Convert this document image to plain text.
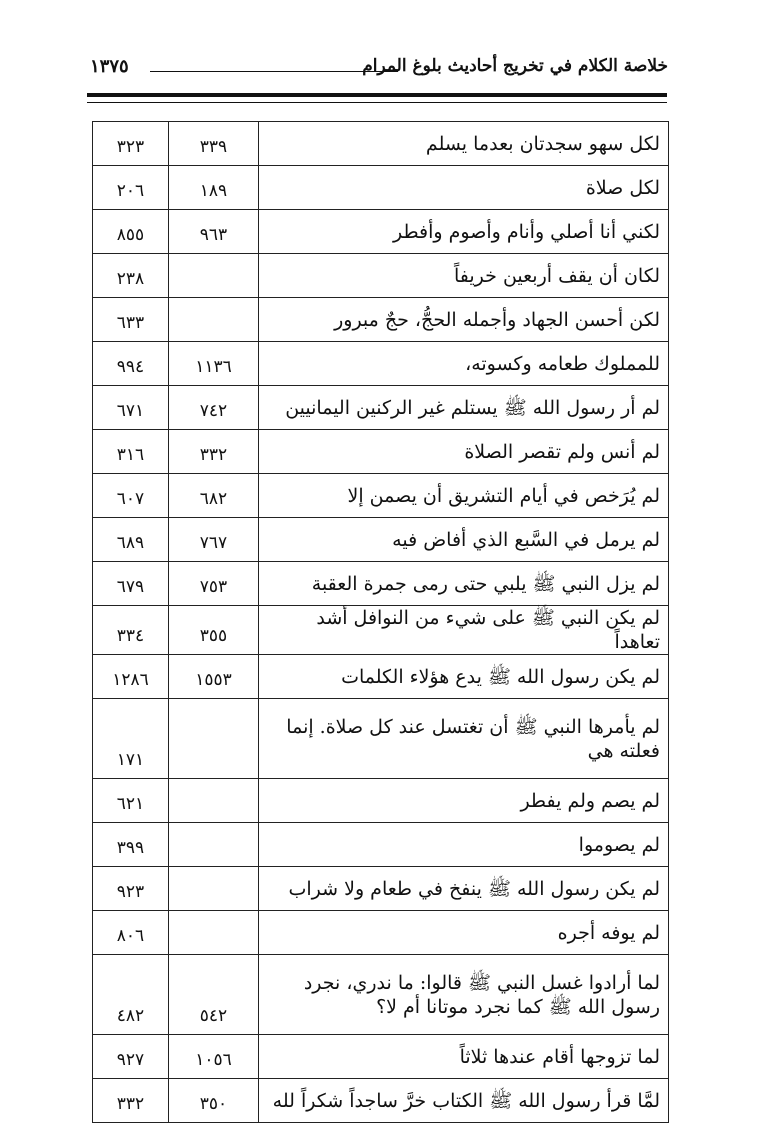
خلاصة الكلام في تخريج أحاديث بلوغ المرام
١٣٧٥
لكل سهو سجدتان بعدما يسلم	٣٣٩	٣٢٣
لكل صلاة	١٨٩	٢٠٦
لكني أنا أصلي وأنام وأصوم وأفطر	٩٦٣	٨٥٥
لكان أن يقف أربعين خريفاً		٢٣٨
لكن أحسن الجهاد وأجمله الحجُّ، حجٌ مبرور		٦٣٣
للمملوك طعامه وكسوته،	١١٣٦	٩٩٤
لم أر رسول الله ﷺ يستلم غير الركنين اليمانيين	٧٤٢	٦٧١
لم أنس ولم تقصر الصلاة	٣٣٢	٣١٦
لم يُرَخص في أيام التشريق أن يصمن إلا	٦٨٢	٦٠٧
لم يرمل في السَّبع الذي أفاض فيه	٧٦٧	٦٨٩
لم يزل النبي ﷺ يلبي حتى رمى جمرة العقبة	٧٥٣	٦٧٩
لم يكن النبي ﷺ على شيء من النوافل أشد تعاهداً	٣٥٥	٣٣٤
لم يكن رسول الله ﷺ يدع هؤلاء الكلمات	١٥٥٣	١٢٨٦
لم يأمرها النبي ﷺ أن تغتسل عند كل صلاة. إنما فعلته هي		١٧١
لم يصم ولم يفطر		٦٢١
لم يصوموا		٣٩٩
لم يكن رسول الله ﷺ ينفخ في طعام ولا شراب		٩٢٣
لم يوفه أجره		٨٠٦
لما أرادوا غسل النبي ﷺ قالوا: ما ندري، نجرد رسول الله ﷺ كما نجرد موتانا أم لا؟	٥٤٢	٤٨٢
لما تزوجها أقام عندها ثلاثاً	١٠٥٦	٩٢٧
لمَّا قرأ رسول الله ﷺ الكتاب خرَّ ساجداً شكراً لله	٣٥٠	٣٣٢
